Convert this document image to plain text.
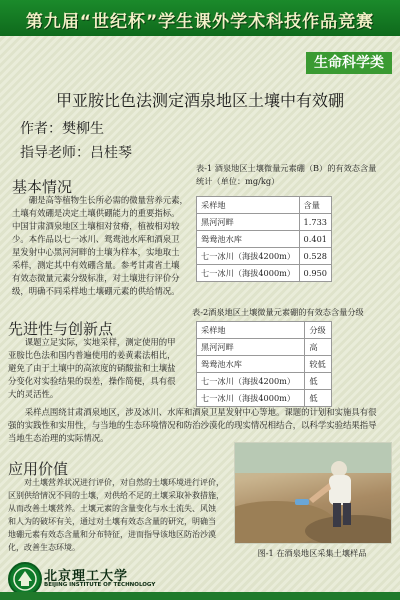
第九届“世纪杯”学生课外学术科技作品竞赛
生命科学类
甲亚胺比色法测定酒泉地区土壤中有效硼
作者：樊柳生
指导老师：吕桂琴
基本情况
硼是高等植物生长所必需的微量营养元素，
土壤有效硼是决定土壤供硼能力的重要指标。
中国甘肃酒泉地区土壤相对贫瘠，植被相对较
少。本作品以七一冰川、鸳鸯池水库和酒泉卫
星发射中心黑河河畔的土壤为样本，实地取土
采样，测定其中有效硼含量。参考甘肃省土壤
有效态微量元素分级标准，对土壤进行评价分
级，明确不同采样地土壤硼元素的供给情况。
表-1 酒泉地区土壤微量元素硼（B）的有效态含量
统计（单位：mg/kg）
采样地	含量
黑河河畔	1.733
鸳鸯池水库	0.401
七一冰川（海拔4200m）	0.528
七一冰川（海拔4000m）	0.950
表-2酒泉地区土壤微量元素硼的有效态含量分级
采样地	分级
黑河河畔	高
鸳鸯池水库	较低
七一冰川（海拔4200m）	低
七一冰川（海拔4000m）	低
先进性与创新点
课题立足实际，实地采样，测定使用的甲
亚胺比色法和国内普遍使用的姜黄素法相比，
避免了由于土壤中的高浓度的硝酸盐和土壤盐
分变化对实验结果的误差，操作简便，具有很
大的灵活性。
采样点围绕甘肃酒泉地区，涉及冰川、水库和酒泉卫星发射中心等地。课题的计划和实施具有很
强的实践性和实用性，与当地的生态环境情况和防治沙漠化的现实情况相结合，以科学实验结果指导
当地生态治理的实际情况。
应用价值
对土壤营养状况进行评价，对自然的土壤环境进行评价，
区别供给情况不同的土壤，对供给不足的土壤采取补救措施，
从而改善土壤营养。土壤元素的含量变化与水土流失、风蚀
和人为的破坏有关，通过对土壤有效态含量的研究，明确当
地硼元素有效态含量和分布特征，进而指导该地区防治沙漠
化，改善生态环境。
图-1 在酒泉地区采集土壤样品
北京理工大学
BEIJING INSTITUTE OF TECHNOLOGY
